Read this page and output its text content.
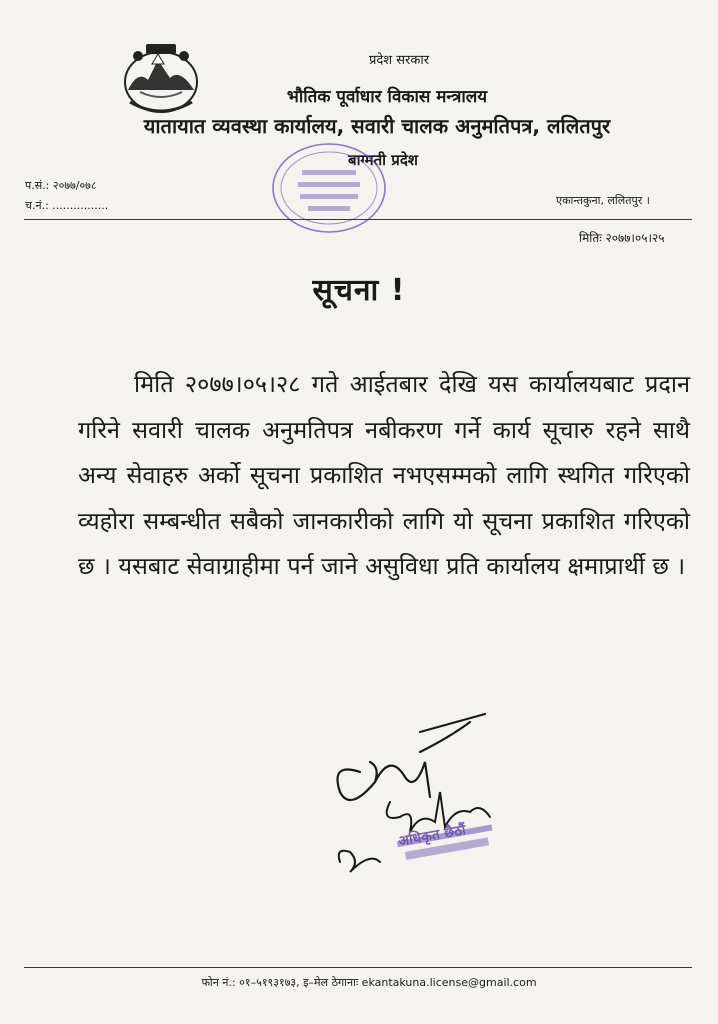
प्रदेश सरकार
भौतिक पूर्वाधार विकास मन्त्रालय
यातायात व्यवस्था कार्यालय, सवारी चालक अनुमतिपत्र, ललितपुर
बाग्मती प्रदेश
प.सं.: २०७७/०७८
च.नं.: ................	एकान्तकुना, ललितपुर ।
मितिः २०७७।०५।२५
सूचना !

मिति २०७७।०५।२८ गते आईतबार देखि यस कार्यालयबाट प्रदान गरिने सवारी चालक अनुमतिपत्र नबीकरण गर्ने कार्य सूचारु रहने साथै अन्य सेवाहरु अर्को सूचना प्रकाशित नभएसम्मको लागि स्थगित गरिएको व्यहोरा सम्बन्धीत सबैको जानकारीको लागि यो सूचना प्रकाशित गरिएको छ । यसबाट सेवाग्राहीमा पर्न जाने असुविधा प्रति कार्यालय क्षमाप्रार्थी छ ।

अधिकृत छैठौं
फोन नं.: ०१–५१९३१७३, इ–मेल ठेगानाः ekantakuna.license@gmail.com
